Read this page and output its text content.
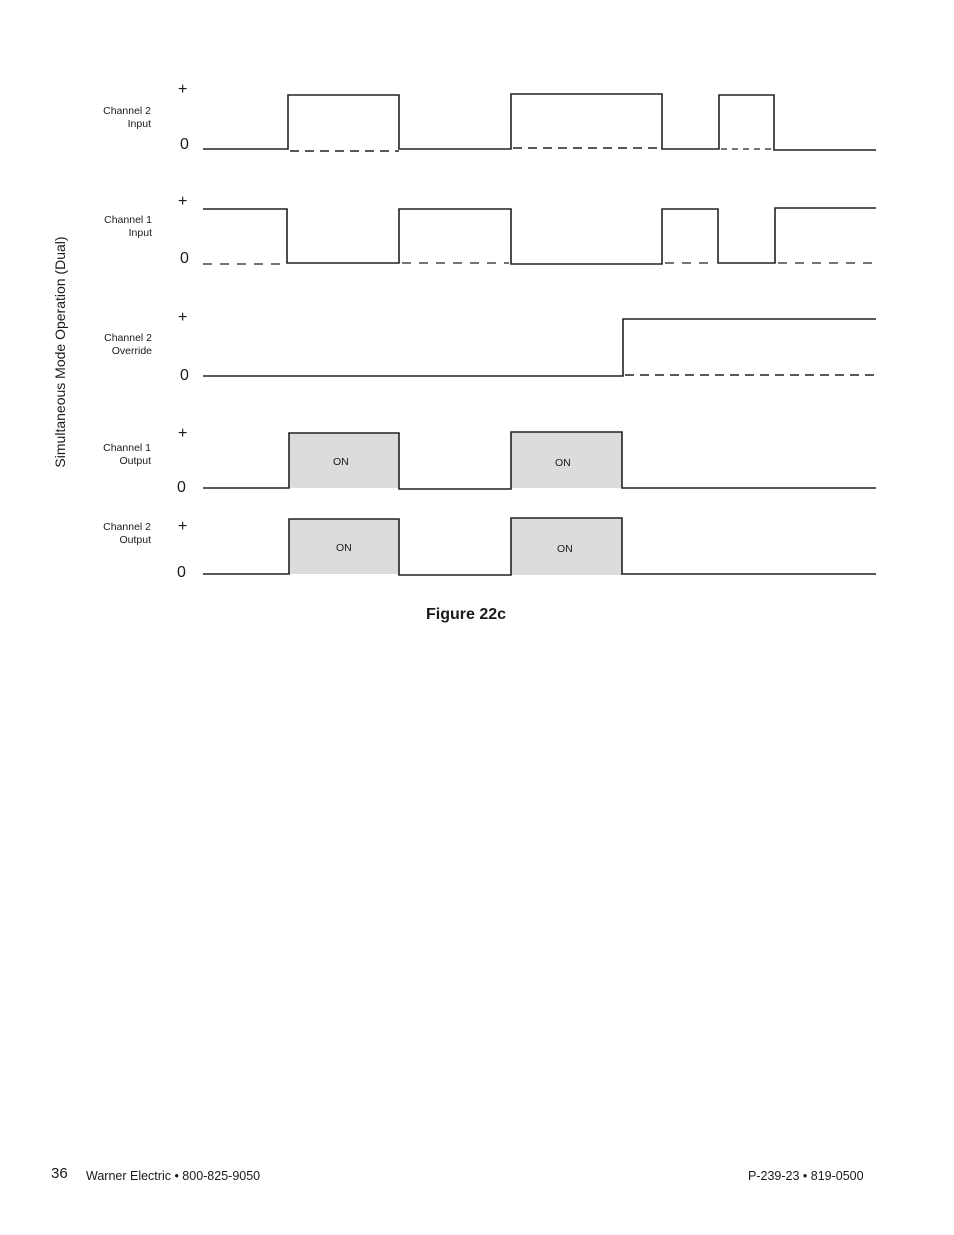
Simultaneous Mode Operation (Dual)
Channel 2
Input
Channel 1
Input
Channel 2
Override
Channel 1
Output
Channel 2
Output
+
0
+
0
+
0
+
0
+
0
ON	ON
ON	ON
Figure 22c
36 Warner Electric • 800-825-9050	P-239-23 • 819-0500
